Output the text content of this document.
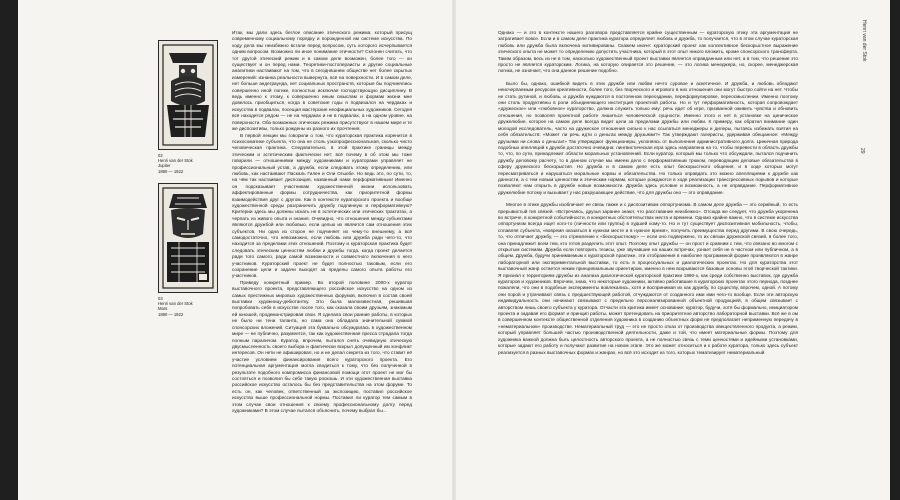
02
Henri van der Stok
Jupiter
1880 — 1922
03
Henri van der Stok
Mars
1880 — 1922

Итак, мы дали здесь беглое описание этического режима, который присущ современному социальному порядку и порожденной им системе искусства. По ходу дела мы неизбежно встали перед вопросом, суть которого исчерпывается одним вопросом. Возможно ли иное понимание этичности? Склонен считать, что тот другой этический режим и в самом деле возможен, более того — он существует и он перед нами. Теоретики-постопераисты и другие социальные аналитики настаивают на том, что в сегодняшнем обществе нет более скрытых измерений: изнанка реальности вывернута, всё на поверхности. И в самом деле, нет больше андеграунда, нет социальных пространств, которые бы подчинялись совершенно иной логике, полностью исключая господствующую дисциплину. В ведь именно к этому, к совершенно иным смыслам и формам жизни мне довелось приобщиться, когда в советские годы я подвизался на чердаках и искусства в подвалах, посещая мастерские неофициальных художников. Сегодня всё находится рядом — не на чердаках и не в подвалах, а на одном уровне, на поверхности. Оба возможных этических режима присутствуют в нашем мире и те же диспозитивы, только рождены из разного их прочтения.

В первой лекции мы говорили о том, что кураторская практика коренится в психосоматике субъекта, что она не столь узкопрофессиональная, сколько чисто человеческая практика. Следовательно, в этой практике границы между этическим и эстетическим фактически нет: всё почему в об этом мы тоже говорили — отношениями между художниками и кураторами управляет не профессиональный устав, а дружба, если следовать этому определению, или любовь, как настаивают Паскаль Гилен и Оли Огьюбе. Но ведь это, по сути, то, на чём так настаивает диспозиция, названный нами перформативным! Именно он подсказывает участникам художественной жизни использовать аффектированные формы сотрудничества, как приоритетной формы взаимодействия друг с другом. Как в контексте кураторского проекта и вообще художественной среды разграничить дружбу подлинную и перформативную? Критерии здесь мы должны искать не в эстетических или этических трактатах, а черпать из живого опыта и знания. Очевидно, что отношения между субъектами являются дружбой или любовью, если целью их является сам отношения этих субъектов. Ни одна из сторон не подчиняет их чему-то внешнему, а всё самодостаточно, что невозможно, если любовь или дружба ради чего-то, что находится за пределами этих отношений. Поэтому и кураторская практика будет следовать этическим ценностям любви и дружбы тогда, когда проект делается ради того самого, ради самой возможности и совместного включения в него участников. Кураторский проект не будет полностью таковым, если его сохранение цели и задачи выходят за пределы самого опыта работы его участников.

Приведу конкретный пример. Во второй половине 2000-х куратор выставочного проекта, представляющего российское искусство на одном из самых престижных мировых художественных форумов, включил в состав своей выставки художницу-дебютантку. Это была малоизвестная, решившая попробовать себя в искусстве после того, как сказала своим друзьям, знакомым ей юношей, продемонстрировав свои. Я сделала свои ранние работы, в которых не было ни тени таланта, но сама она обладала значительной суммой спонсорских вложений. Ситуация эта буквально обсуждалась в художественном мире — не публично, разумеется, так как художественная пресса страдала тогда полным параличом. Куратор, впрочем, пытался снять очевидную этическую двусмысленность своего выбора и фактически вскрыл допущенный им конфликт интересов. Он нети не афишировал, но и не делал секрета из того, что ставит её участие условием финансирования всего кураторского проекта. Его потенциальная аргументация могла сводиться к тому, что без полученной в результате подобного компромисса финансовой помощи этот проект не мог бы состояться и позволил бы себе такую роскошь. И эти художественная выставка российское искусство осталось бы без представительства на этом форуме. То есть он, как человек, ответственный за экспозицию, поставил российское искусство выше профессиональной нормы. Поставил ли куратор тем самым в этом случае свои отношения к своему профессиональному долгу перед художниками? В этом случае пытался объяснить, почему выбрал бы...

Однако — и это в контексте нашего разговора представляется крайне существенным — кураторскую этику эта аргументация не затрагивает вовсе. Если и в самом деле практика куратора определяет любовь и дружба, то получается, что в этом случае кураторская любовь или дружба была включена мотивированы. Скажем иначе: кураторский проект как коллективное бескорыстное выражение этического опыта не может то определению допустить участника, который в этот опыт никого вложить, кроме спонсорского трансферта. Таким образом, весь из не в том, насколько художественный проект выставки является оправданным или нет, а в том, что решение это просто не является кураторским. Логика, на которую опирается это решение, — это логика менеджера, но, скорее, менеджерская логика, не означает, что она данное решение подобно.

Было бы, однако, ошибкой видеть в этих дружбе или любви нечто суровое и аскетичное. И дружба, и любовь обладают неисчерпаемым ресурсом креативности, более того, без творческого и игрового в них отношения они могут быстро сойти на нет. Чтобы не стать рутиной, и любовь, и дружба нуждаются в постоянном переоздании, переформулировке, переосмыслении. Именно поэтому они столь продуктивны в роли объединяющего институция проектной работы. Но и тут перформативность, которая сопровождает «дружеское» или «любовное» кураторство, должна служить только ему: речь идет об игре, призванной оживить чувства и обновить отношения, но позволяя проектной работе лишиться человеческой сущности. Именно этого и нет в установке на циническое дружелюбие, которое на самом деле всегда видит цели за пределами дружбы или любви. К примеру, как обратил внимание один молодой исследователь, часто на дружеское отношения сильно к нас ссылаться менеджеры и дилеры, пытаясь избежать взятия на себя обязательств: «Может ли речь идти о деньгах между друзьями?» Так утверждают галеристы, удерживая обещанное: «Между друзьями ни слова о деньгах!» Так утверждают функционеры, уклоняясь от выполнения административного долга. Циничная природа подобных апелляций к дружбе достаточно очевидна: лингвистическая игра здесь направлена на то, чтобы перевести в область дружбы то, что, по сути, принадлежит области моральных установлений. Если куратор, который мы только что обсуждали, пытался подчинить дружбу деловому расчету, то в данном случае мы имеем дело с перформативным трюком, переводящим деловые обязательства в сферу дружеского бескорыстия. Но дружба и в самом деле есть опыт бескорыстного общения, и в ходе которых могут пересматриваться и нарушаться моральные нормы и обязательства. Но только оправдать это можно апелляциями к дружбе как данности, а с тем новым ценностям и этическим нормам, которые рождаются в ходе реализации трансгрессивных порывов и которые позволяют нам открыть в дружбе новые возможности. Дружба здесь условие и возможность, а не оправдание. Перформативное дружелюбие потому и вызывает у нас разрушающее действие, что для дружбы оно — это оправдание.

Многое в этике дружбы изобличает ее связь также и с диспозитивом оппортунизма. В самом деле дружба — это серийный, то есть прерывистый тип связей. «Встречаясь, друзья заранее знают, что расставание неизбежно». Отсюда же следует, что дружба укоренена во встрече, в конкретной событийности, в конкретных обстоятельствах места и времени. Однако крайне важно, что в системе искусства оппортунизм всегда ищет кого-то (личности или группы) в худшей кому-то. Но и тут существует диспозитивная мобильность, чтобы, сплавляя субъекта, «вовремя оказаться в нужном месте и в нужное время», получить преимущества перед другими. В свою очередь, то, что отличает дружбу, — это стремление к «бескорыстному» — если оно подвержено, то их связан дружеской связей, в более того, она принадлежит всем тем, кто готов разделить этот опыт. Поэтому опыт дружбы — он прост и сравним с тем, что связано во многом с открытым системам. Дружба если повторить тезисы, уже звучавшие на наших встречах, узнает себя не в частном или публичном, а в общем. Дружба, будучи принимаемым к кураторской практике, эти отображения в наиболее программной форме проявляются в жанре лабораторной или экспериментальной выставки, то есть в процессуальных и диалогических проектах. Но для кураторства этот выставочный жанр остается неким принципиальным ориентиром, именно в нем вскрываются базовые основы этой творческой тактики. Я признал к территориям дружбы из анализа диалогической кураторской практики 1990-х, как среди собственно выставок, где дружба кураторов и художников. Впрочем, знаю, что некоторые художники, активно работавшие в кураторских проектах этого периода, позднее пожалели, что они в подобные эксперименты вовлекались, хотя и воспринимая их как дружбу, по существу, впрочем, одной. А потому они порой и утрачивают связь с предшествующей работой, отчуждаются от созданного ими ими чего-то вообще. Если эти авторскую индивидуальность они начинают связывают с предельно персонализированной объектной продукцией, в общем связывает с авторством лишь своего субъекта у куратора. Отчасти эта критика имеет основание: куратор, будучи, хотя бы формально, инициатором проекта и задавая его формат и принцип работы, может претендовать на приоритетное авторство лабораторной выставки. Всё же в ом в совершенном контексте общественной отделения художника в созданию объектных форм не предполагает неприменную передачу в «нематериальном» производстве. Нематериальный труд — это не просто отказ от производства овеществленного продукта, а режим, который управляет большей частью производственной деятельности, даже и той, что имеет материальные формы. Поэтому для художника важной должна быть целостность авторского проекта, а не полностью связь с теми ценностями и идейными установками, которые задают его работу и получают развитие на новом этапе. Это же может относиться и к работе куратора, только здесь субъект реализуется в разных выставочных формах и жанрах, но всё это исходит из того, которых тематизирует нематериальный

Henri van der Stok
29
